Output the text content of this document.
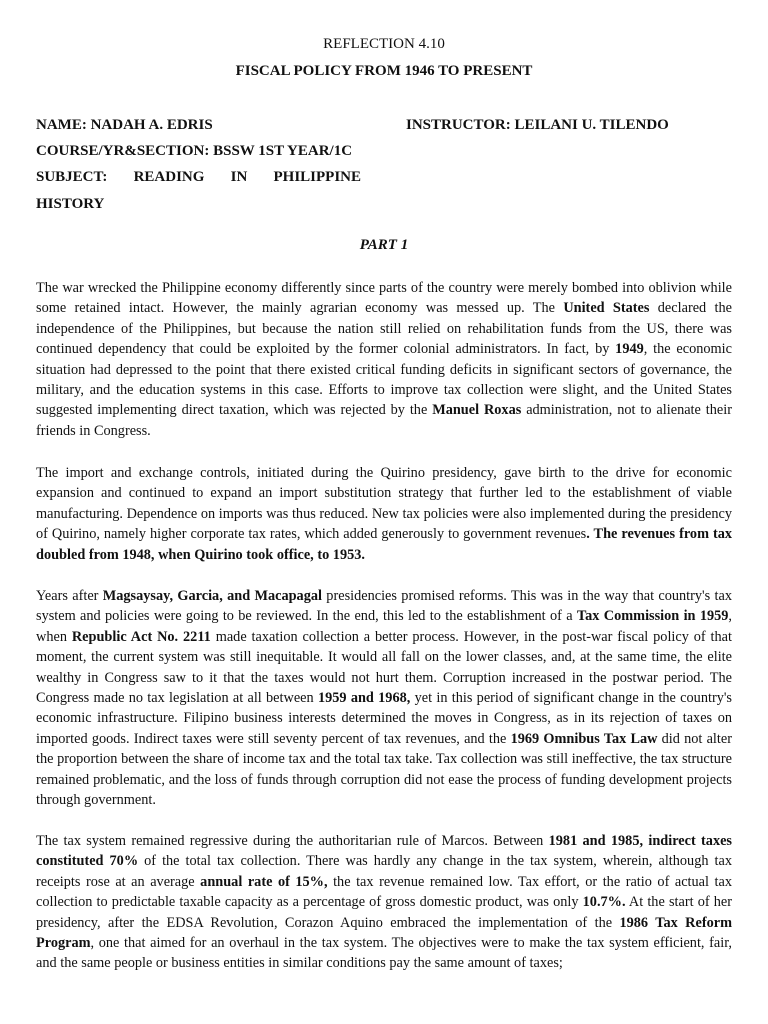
REFLECTION 4.10
FISCAL POLICY FROM 1946 TO PRESENT
NAME: NADAH A. EDRIS	INSTRUCTOR: LEILANI U. TILENDO
COURSE/YR&SECTION: BSSW 1ST YEAR/1C
SUBJECT: READING IN PHILIPPINE
HISTORY
PART 1

The war wrecked the Philippine economy differently since parts of the country were merely bombed into oblivion while some retained intact. However, the mainly agrarian economy was messed up. The United States declared the independence of the Philippines, but because the nation still relied on rehabilitation funds from the US, there was continued dependency that could be exploited by the former colonial administrators. In fact, by 1949, the economic situation had depressed to the point that there existed critical funding deficits in significant sectors of governance, the military, and the education systems in this case. Efforts to improve tax collection were slight, and the United States suggested implementing direct taxation, which was rejected by the Manuel Roxas administration, not to alienate their friends in Congress.

The import and exchange controls, initiated during the Quirino presidency, gave birth to the drive for economic expansion and continued to expand an import substitution strategy that further led to the establishment of viable manufacturing. Dependence on imports was thus reduced. New tax policies were also implemented during the presidency of Quirino, namely higher corporate tax rates, which added generously to government revenues. The revenues from tax doubled from 1948, when Quirino took office, to 1953.

Years after Magsaysay, Garcia, and Macapagal presidencies promised reforms. This was in the way that country's tax system and policies were going to be reviewed. In the end, this led to the establishment of a Tax Commission in 1959, when Republic Act No. 2211 made taxation collection a better process. However, in the post-war fiscal policy of that moment, the current system was still inequitable. It would all fall on the lower classes, and, at the same time, the elite wealthy in Congress saw to it that the taxes would not hurt them. Corruption increased in the postwar period. The Congress made no tax legislation at all between 1959 and 1968, yet in this period of significant change in the country's economic infrastructure. Filipino business interests determined the moves in Congress, as in its rejection of taxes on imported goods. Indirect taxes were still seventy percent of tax revenues, and the 1969 Omnibus Tax Law did not alter the proportion between the share of income tax and the total tax take. Tax collection was still ineffective, the tax structure remained problematic, and the loss of funds through corruption did not ease the process of funding development projects through government.

The tax system remained regressive during the authoritarian rule of Marcos. Between 1981 and 1985, indirect taxes constituted 70% of the total tax collection. There was hardly any change in the tax system, wherein, although tax receipts rose at an average annual rate of 15%, the tax revenue remained low. Tax effort, or the ratio of actual tax collection to predictable taxable capacity as a percentage of gross domestic product, was only 10.7%. At the start of her presidency, after the EDSA Revolution, Corazon Aquino embraced the implementation of the 1986 Tax Reform Program, one that aimed for an overhaul in the tax system. The objectives were to make the tax system efficient, fair, and the same people or business entities in similar conditions pay the same amount of taxes;
